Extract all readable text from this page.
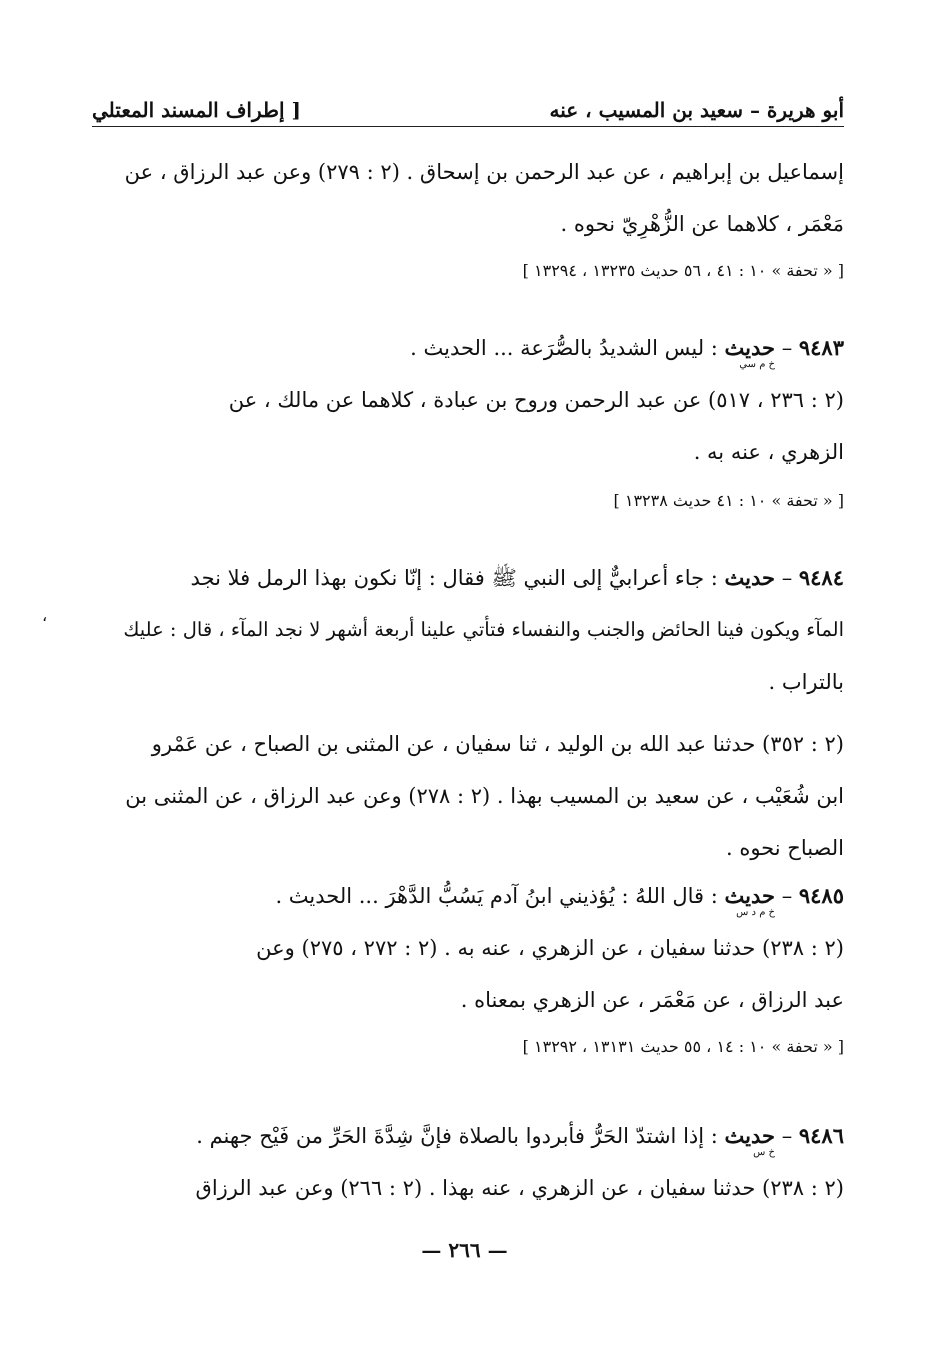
أبو هريرة – سعيد بن المسيب ، عنه
[ إطراف المسند المعتلي
إسماعيل بن إبراهيم ، عن عبد الرحمن بن إسحاق . (٢ : ٢٧٩) وعن عبد الرزاق ، عن
مَعْمَر ، كلاهما عن الزُّهْرِيّ نحوه .
[ « تحفة » ١٠ : ٤١ ، ٥٦ حديث ١٣٢٣٥ ، ١٣٢٩٤ ]
٩٤٨٣ – حديث
خ م سي
: ليس الشديدُ بالصُّرَعة ... الحديث .
(٢ : ٢٣٦ ، ٥١٧) عن عبد الرحمن وروح بن عبادة ، كلاهما عن مالك ، عن
الزهري ، عنه به .
[ « تحفة » ١٠ : ٤١ حديث ١٣٢٣٨ ]
٩٤٨٤ – حديث : جاء أعرابيٌّ إلى النبي ﷺ فقال : إنّا نكون بهذا الرمل فلا نجد
المآء ويكون فينا الحائض والجنب والنفساء فتأتي علينا أربعة أشهر لا نجد المآء ، قال : عليك
بالتراب .
(٢ : ٣٥٢) حدثنا عبد الله بن الوليد ، ثنا سفيان ، عن المثنى بن الصباح ، عن عَمْرو
ابن شُعَيْب ، عن سعيد بن المسيب بهذا . (٢ : ٢٧٨) وعن عبد الرزاق ، عن المثنى بن
الصباح نحوه .
،
٩٤٨٥ – حديث
خ م د س
: قال اللهُ : يُؤذيني ابنُ آدم يَسُبُّ الدَّهْرَ ... الحديث .
(٢ : ٢٣٨) حدثنا سفيان ، عن الزهري ، عنه به . (٢ : ٢٧٢ ، ٢٧٥) وعن
عبد الرزاق ، عن مَعْمَر ، عن الزهري بمعناه .
[ « تحفة » ١٠ : ١٤ ، ٥٥ حديث ١٣١٣١ ، ١٣٢٩٢ ]
٩٤٨٦ – حديث
خ س
: إذا اشتدّ الحَرُّ فأبردوا بالصلاة فإنَّ شِدَّةَ الحَرِّ من فَيْح جهنم .
(٢ : ٢٣٨) حدثنا سفيان ، عن الزهري ، عنه بهذا . (٢ : ٢٦٦) وعن عبد الرزاق
— ٢٦٦ —
